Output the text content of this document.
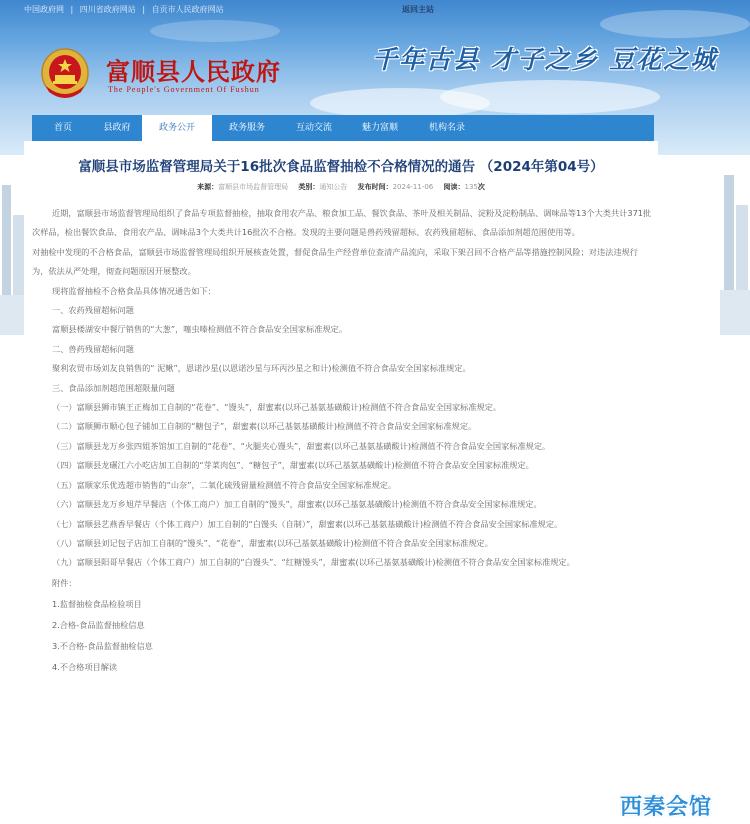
中国政府网 | 四川省政府网站 | 自贡市人民政府网站	返回主站
富顺县人民政府
The People's Government Of Fushun
千年古县 才子之乡 豆花之城
首页	县政府	政务公开	政务服务	互动交流	魅力富顺	机构名录
富顺县市场监督管理局关于16批次食品监督抽检不合格情况的通告 （2024年第04号）
来源：富顺县市场监督管理局 类别：通知公告 发布时间：2024-11-06 阅读：135次

近期，富顺县市场监督管理局组织了食品专项监督抽检，抽取食用农产品、粮食加工品、餐饮食品、茶叶及相关制品、淀粉及淀粉制品、调味品等13个大类共计371批次样品，检出餐饮食品、食用农产品、调味品3个大类共计16批次不合格。发现的主要问题是兽药残留超标、农药残留超标、食品添加剂超范围使用等。

对抽检中发现的不合格食品，富顺县市场监督管理局组织开展核查处置，督促食品生产经营单位查清产品流向，采取下架召回不合格产品等措施控制风险；对违法违规行为，依法从严处理，彻查问题原因开展整改。

现将监督抽检不合格食品具体情况通告如下：

一、农药残留超标问题

富顺县楼湖安中餐厅销售的“大葱”，噻虫嗪检测值不符合食品安全国家标准规定。

二、兽药残留超标问题

聚利农贸市场刘友良销售的“ 泥鳅”，恩诺沙星(以恩诺沙星与环丙沙星之和计)检测值不符合食品安全国家标准规定。

三、食品添加剂超范围超限量问题

（一）富顺县狮市镇王正梅加工自制的“花卷”、“馒头”，甜蜜素(以环己基氨基磺酸计)检测值不符合食品安全国家标准规定。

（二）富顺狮市顺心包子铺加工自制的“糖包子”，甜蜜素(以环己基氨基磺酸计)检测值不符合食品安全国家标准规定。

（三）富顺县龙万乡张四姐茶馆加工自制的“花卷”、“火腿夹心馒头”，甜蜜素(以环己基氨基磺酸计)检测值不符合食品安全国家标准规定。

（四）富顺县龙碾江六小吃店加工自制的“芽菜肉包”、“糖包子”，甜蜜素(以环己基氨基磺酸计)检测值不符合食品安全国家标准规定。

（五）富顺家乐优选超市销售的“山奈”，二氧化硫残留量检测值不符合食品安全国家标准规定。

（六）富顺县龙万乡旭芹早餐店（个体工商户）加工自制的“馒头”，甜蜜素(以环己基氨基磺酸计)检测值不符合食品安全国家标准规定。

（七）富顺县艺燕香早餐店（个体工商户）加工自制的“白馒头（自制）”，甜蜜素(以环己基氨基磺酸计)检测值不符合食品安全国家标准规定。

（八）富顺县刘记包子店加工自制的“馒头”、“花卷”，甜蜜素(以环己基氨基磺酸计)检测值不符合食品安全国家标准规定。

（九）富顺县阳哥早餐店（个体工商户）加工自制的“白馒头”、“红糖馒头”，甜蜜素(以环己基氨基磺酸计)检测值不符合食品安全国家标准规定。

附件：

1.监督抽检食品检验项目

2.合格-食品监督抽检信息

3.不合格-食品监督抽检信息

4.不合格项目解读

西秦会馆
